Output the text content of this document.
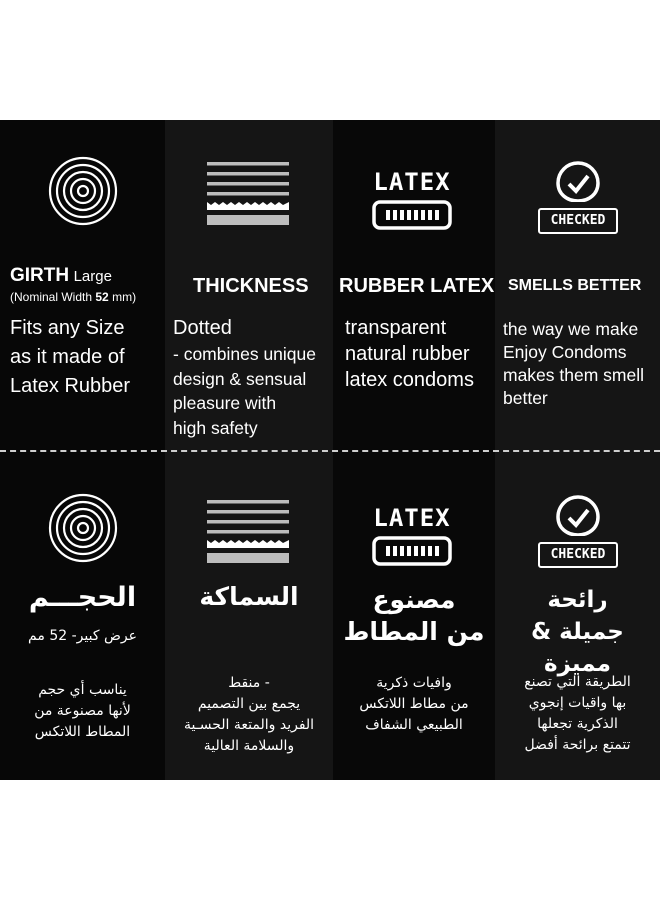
GIRTH Large
(Nominal Width 52 mm)
Fits any Size
as it made of
Latex Rubber
THICKNESS
Dotted
- combines unique
design & sensual
pleasure with
high safety
LATEX
RUBBER LATEX
transparent
natural rubber
latex condoms
CHECKED
SMELLS BETTER
the way we make
Enjoy Condoms
makes them smell
better
الحجـــم
عرض كبير- 52 مم
يناسب أي حجم
لأنها مصنوعة من
المطاط اللاتكس
السماكة
- منقط
يجمع بين التصميم
الفريد والمتعة الحسـية
والسلامة العالية
LATEX
مصنوع
من المطاط
وافيات ذكرية
من مطاط اللاتكس
الطبيعي الشفاف
CHECKED
رائحة
جميلة & مميزة
الطريقة التي تصنع
بها واقيات إنجوي
الذكرية تجعلها
تتمتع برائحة أفضل
